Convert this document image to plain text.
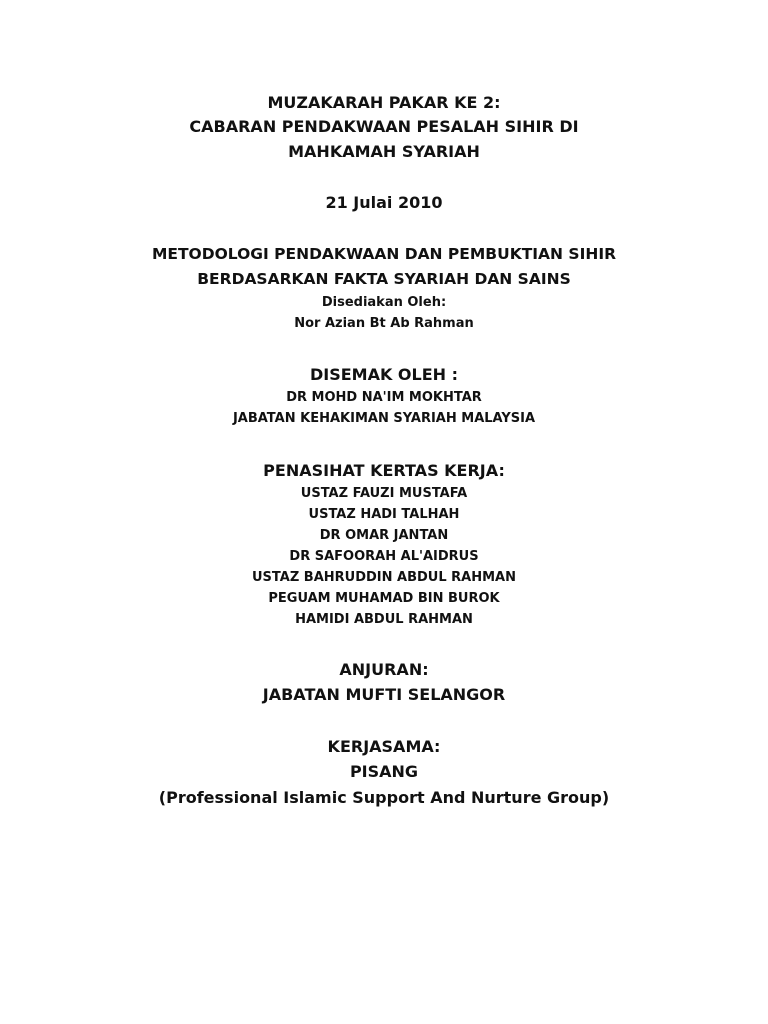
MUZAKARAH PAKAR KE 2:
CABARAN PENDAKWAAN PESALAH SIHIR DI
MAHKAMAH SYARIAH
21 Julai 2010
METODOLOGI PENDAKWAAN DAN PEMBUKTIAN SIHIR
BERDASARKAN FAKTA SYARIAH DAN SAINS
Disediakan Oleh:
Nor Azian Bt Ab Rahman
DISEMAK OLEH :
DR MOHD NA'IM MOKHTAR
JABATAN KEHAKIMAN SYARIAH MALAYSIA
PENASIHAT KERTAS KERJA:
USTAZ FAUZI MUSTAFA
USTAZ HADI TALHAH
DR OMAR JANTAN
DR SAFOORAH AL'AIDRUS
USTAZ BAHRUDDIN ABDUL RAHMAN
PEGUAM MUHAMAD BIN BUROK
HAMIDI ABDUL RAHMAN
ANJURAN:
JABATAN MUFTI SELANGOR
KERJASAMA:
PISANG
(Professional Islamic Support And Nurture Group)
